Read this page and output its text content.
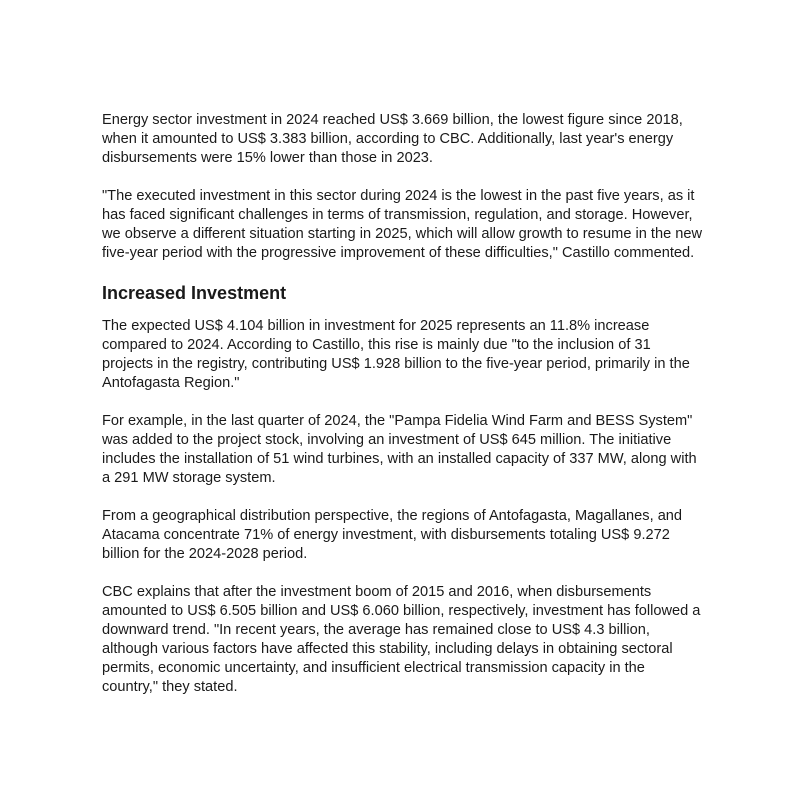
Energy sector investment in 2024 reached US$ 3.669 billion, the lowest figure since 2018, when it amounted to US$ 3.383 billion, according to CBC. Additionally, last year's energy disbursements were 15% lower than those in 2023.

"The executed investment in this sector during 2024 is the lowest in the past five years, as it has faced significant challenges in terms of transmission, regulation, and storage. However, we observe a different situation starting in 2025, which will allow growth to resume in the new five-year period with the progressive improvement of these difficulties," Castillo commented.

Increased Investment

The expected US$ 4.104 billion in investment for 2025 represents an 11.8% increase compared to 2024. According to Castillo, this rise is mainly due "to the inclusion of 31 projects in the registry, contributing US$ 1.928 billion to the five-year period, primarily in the Antofagasta Region."

For example, in the last quarter of 2024, the "Pampa Fidelia Wind Farm and BESS System" was added to the project stock, involving an investment of US$ 645 million. The initiative includes the installation of 51 wind turbines, with an installed capacity of 337 MW, along with a 291 MW storage system.

From a geographical distribution perspective, the regions of Antofagasta, Magallanes, and Atacama concentrate 71% of energy investment, with disbursements totaling US$ 9.272 billion for the 2024-2028 period.

CBC explains that after the investment boom of 2015 and 2016, when disbursements amounted to US$ 6.505 billion and US$ 6.060 billion, respectively, investment has followed a downward trend. "In recent years, the average has remained close to US$ 4.3 billion, although various factors have affected this stability, including delays in obtaining sectoral permits, economic uncertainty, and insufficient electrical transmission capacity in the country," they stated.
